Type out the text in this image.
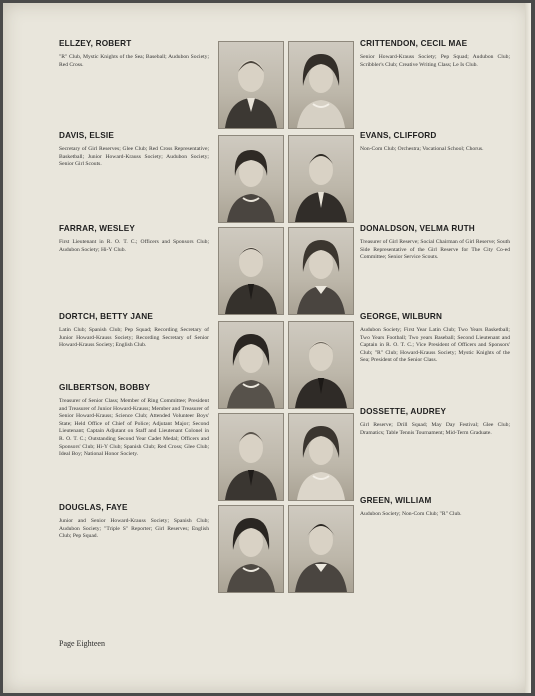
ELLZEY, ROBERT
"R" Club, Mystic Knights of the Sea; Baseball; Audubon Society; Red Cross.
DAVIS, ELSIE
Secretary of Girl Reserves; Glee Club; Red Cross Representative; Basketball; Junior Howard-Krauss Society; Audubon Society; Senior Girl Scouts.
FARRAR, WESLEY
First Lieutenant in R. O. T. C.; Officers and Sponsors Club; Audubon Society; Hi-Y Club.
DORTCH, BETTY JANE
Latin Club; Spanish Club; Pep Squad; Recording Secretary of Junior Howard-Krauss Society; Recording Secretary of Senior Howard-Krauss Society; English Club.
GILBERTSON, BOBBY
Treasurer of Senior Class; Member of Ring Committee; President and Treasurer of Junior Howard-Krauss; Member and Treasurer of Senior Howard-Krauss; Science Club; Attended Volunteer Boys' State; Held Office of Chief of Police; Adjutant Major; Second Lieutenant; Captain Adjutant on Staff and Lieutenant Colonel in R. O. T. C.; Outstanding Second Year Cadet Medal; Officers and Sponsors' Club; Hi-Y Club; Spanish Club; Red Cross; Glee Club; Ideal Boy; National Honor Society.
DOUGLAS, FAYE
Junior and Senior Howard-Krauss Society; Spanish Club; Audubon Society; "Triple S" Reporter; Girl Reserves; English Club; Pep Squad.
CRITTENDON, CECIL MAE
Senior Howard-Krauss Society; Pep Squad; Audubon Club; Scribbler's Club; Creative Writing Class; Le Is Club.
EVANS, CLIFFORD
Non-Com Club; Orchestra; Vocational School; Chorus.
DONALDSON, VELMA RUTH
Treasurer of Girl Reserve; Social Chairman of Girl Reserve; South Side Representative of the Girl Reserve for The City Co-ed Committee; Senior Service Scouts.
GEORGE, WILBURN
Audubon Society; First Year Latin Club; Two Years Basketball; Two Years Football; Two years Baseball; Second Lieutenant and Captain in R. O. T. C.; Vice President of Officers and Sponsors' Club; "R" Club; Howard-Krauss Society; Mystic Knights of the Sea; President of the Senior Class.
DOSSETTE, AUDREY
Girl Reserve; Drill Squad; May Day Festival; Glee Club; Dramatics; Table Tennis Tournament; Mid-Term Graduate.
GREEN, WILLIAM
Audubon Society; Non-Com Club; "R" Club.
Page Eighteen
